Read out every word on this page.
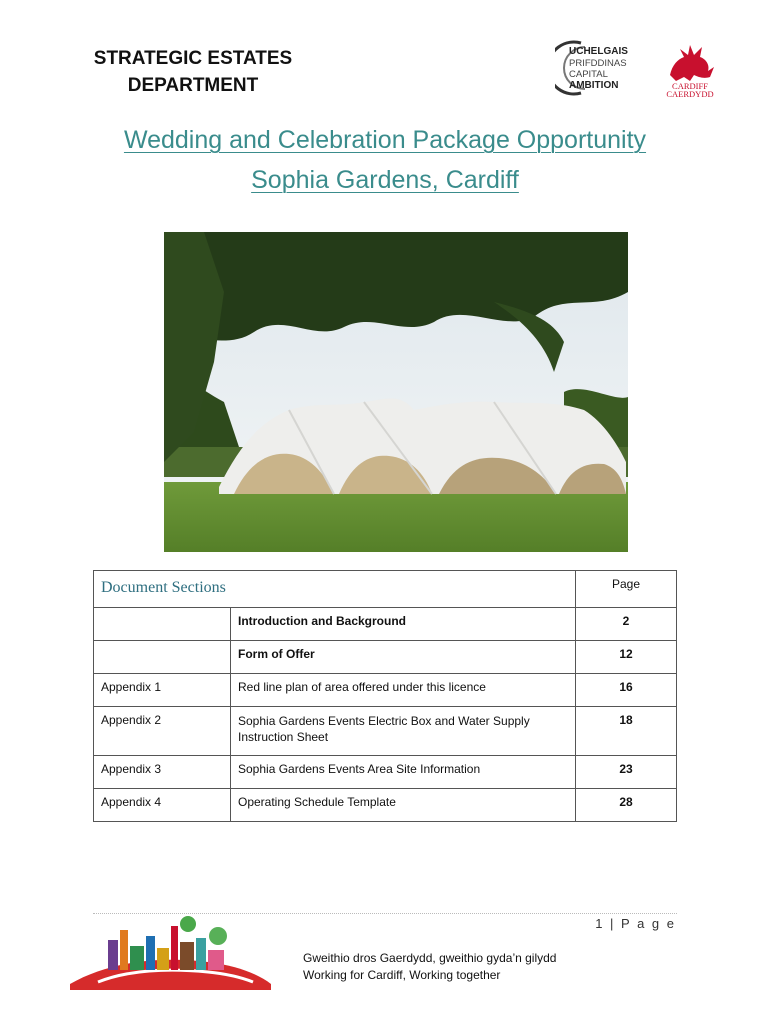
STRATEGIC ESTATES
DEPARTMENT
UCHELGAIS
PRIFDDINAS
CAPITAL
AMBITION	CARDIFF
CAERDYDD
Wedding and Celebration Package Opportunity
Sophia Gardens, Cardiff
Document Sections		Page
	Introduction and Background	2
	Form of Offer	12
Appendix 1	Red line plan of area offered under this licence	16
Appendix 2	Sophia Gardens Events Electric Box and Water Supply Instruction Sheet	18
Appendix 3	Sophia Gardens Events Area Site Information	23
Appendix 4	Operating Schedule Template	28
1 | P a g e
Gweithio dros Gaerdydd, gweithio gyda’n gilydd
Working for Cardiff, Working together
